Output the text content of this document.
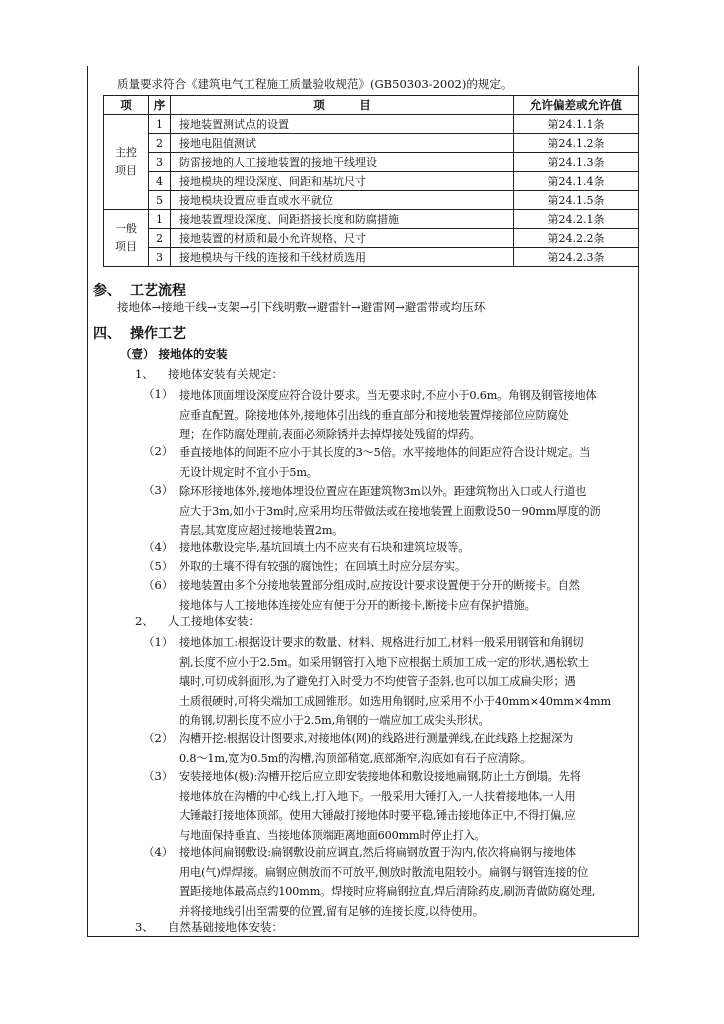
质量要求符合《建筑电气工程施工质量验收规范》(GB50303-2002)的规定。
项	序	项　　　目	允许偏差或允许值

主控
项目	1	接地装置测试点的设置	第24.1.1条
	2	接地电阻值测试	第24.1.2条
	3	防雷接地的人工接地装置的接地干线埋设	第24.1.3条
	4	接地模块的埋设深度、间距和基坑尺寸	第24.1.4条
	5	接地模块设置应垂直或水平就位	第24.1.5条

一般
项目	1	接地装置埋设深度、间距搭接长度和防腐措施	第24.2.1条
	2	接地装置的材质和最小允许规格、尺寸	第24.2.2条
	3	接地模块与干线的连接和干线材质选用	第24.2.3条
参、 工艺流程
接地体→接地干线→支架→引下线明敷→避雷针→避雷网→避雷带或均压环
四、 操作工艺
（壹） 接地体的安装
1、 接地体安装有关规定：
（1） 接地体顶面埋设深度应符合设计要求。当无要求时,不应小于0.6m。角钢及钢管接地体
应垂直配置。除接地体外,接地体引出线的垂直部分和接地装置焊接部位应防腐处
理；在作防腐处理前,表面必须除锈并去掉焊接处残留的焊药。
（2） 垂直接地体的间距不应小于其长度的3～5倍。水平接地体的间距应符合设计规定。当
无设计规定时不宜小于5m。
（3） 除环形接地体外,接地体埋设位置应在距建筑物3m以外。距建筑物出入口或人行道也
应大于3m,如小于3m时,应采用均压带做法或在接地装置上面敷设50－90mm厚度的沥
青层,其宽度应超过接地装置2m。
（4） 接地体敷设完毕,基坑回填土内不应夹有石块和建筑垃圾等。
（5） 外取的土壤不得有较强的腐蚀性；在回填土时应分层夯实。
（6） 接地装置由多个分接地装置部分组成时,应按设计要求设置便于分开的断接卡。自然
接地体与人工接地体连接处应有便于分开的断接卡,断接卡应有保护措施。
2、 人工接地体安装：
（1） 接地体加工:根据设计要求的数量、材料、规格进行加工,材料一般采用钢管和角钢切
割,长度不应小于2.5m。如采用钢管打入地下应根据土质加工成一定的形状,遇松软土
壤时,可切成斜面形,为了避免打入时受力不均使管子歪斜,也可以加工成扁尖形；遇
土质很硬时,可将尖端加工成圆锥形。如选用角钢时,应采用不小于40mm×40mm×4mm
的角钢,切割长度不应小于2.5m,角钢的一端应加工成尖头形状。
（2） 沟槽开挖:根据设计图要求,对接地体(网)的线路进行测量弹线,在此线路上挖掘深为
0.8～1m,宽为0.5m的沟槽,沟顶部稍宽,底部渐窄,沟底如有石子应清除。
（3） 安装接地体(极):沟槽开挖后应立即安装接地体和敷设接地扁钢,防止土方倒塌。先将
接地体放在沟槽的中心线上,打入地下。一般采用大锤打入,一人扶着接地体,一人用
大锤敲打接地体顶部。使用大锤敲打接地体时要平稳,锤击接地体正中,不得打偏,应
与地面保持垂直、当接地体顶端距离地面600mm时停止打入。
（4） 接地体间扁钢敷设:扁钢敷设前应调直,然后将扁钢放置于沟内,依次将扁钢与接地体
用电(气)焊焊接。扁钢应侧放而不可放平,侧放时散流电阻较小。扁钢与钢管连接的位
置距接地体最高点约100mm。焊接时应将扁钢拉直,焊后清除药皮,刷沥青做防腐处理,
并将接地线引出至需要的位置,留有足够的连接长度,以待使用。
3、 自然基础接地体安装：
